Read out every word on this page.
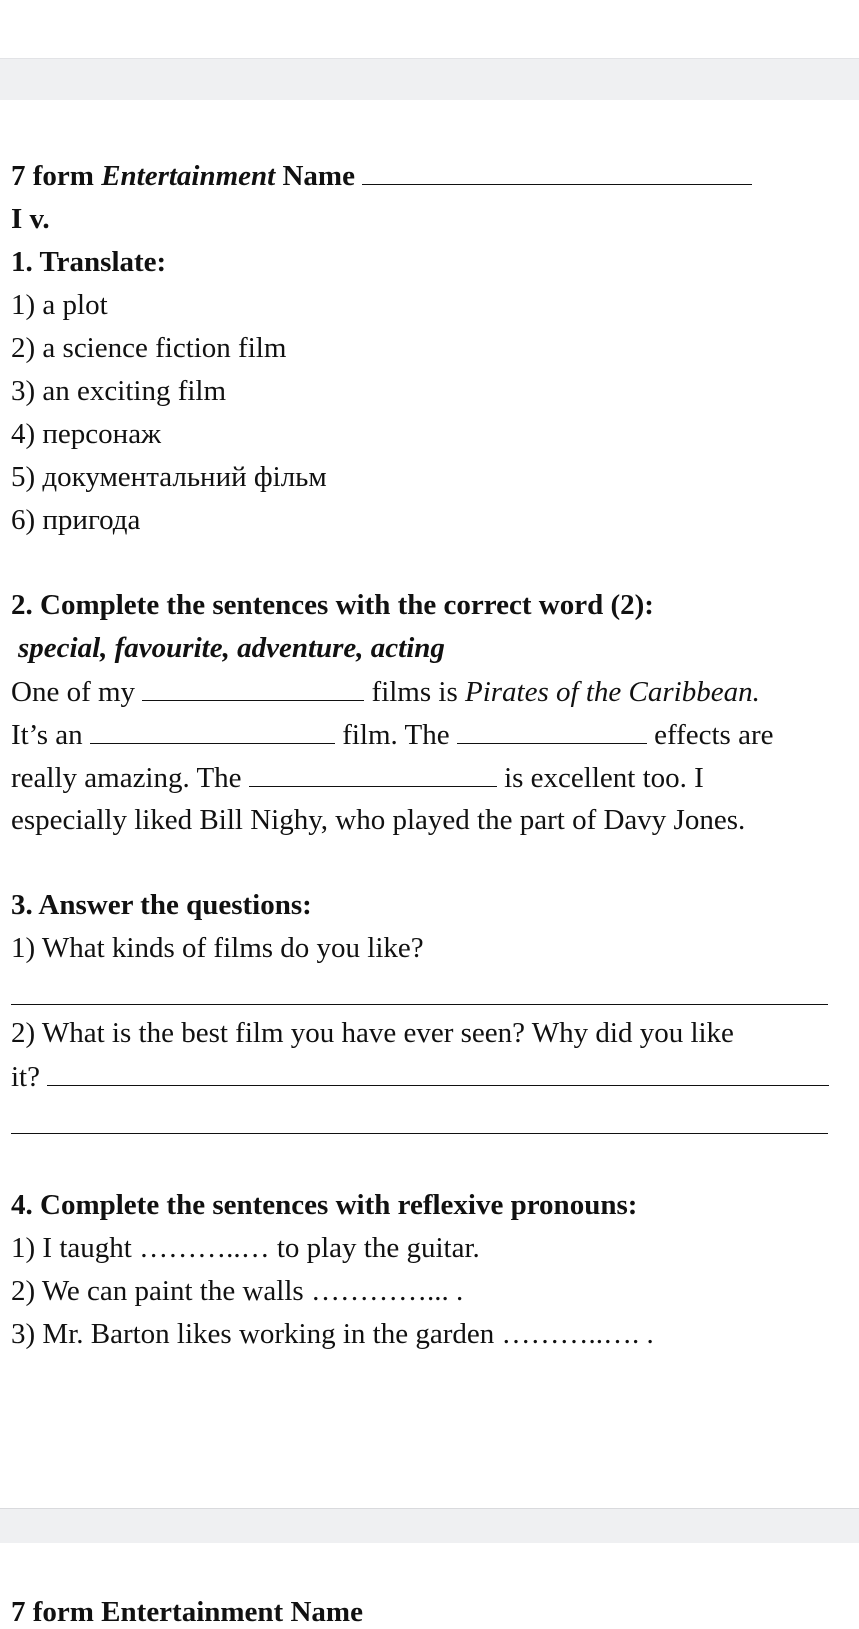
7 form Entertainment Name
I v.
1. Translate:
1) a plot
2) a science fiction film
3) an exciting film
4) персонаж
5) документальний фільм
6) пригода
2. Complete the sentences with the correct word (2):
special, favourite, adventure, acting
One of my	films is Pirates of the Caribbean.
It’s an	film. The	effects are
really amazing. The	is excellent too. I
especially liked Bill Nighy, who played the part of Davy Jones.
3. Answer the questions:
1) What kinds of films do you like?
2) What is the best film you have ever seen? Why did you like
it?
4. Complete the sentences with reflexive pronouns:
1) I taught ………..… to play the guitar.
2) We can paint the walls …………... .
3) Mr. Barton likes working in the garden ………..…. .
7 form Entertainment Name
